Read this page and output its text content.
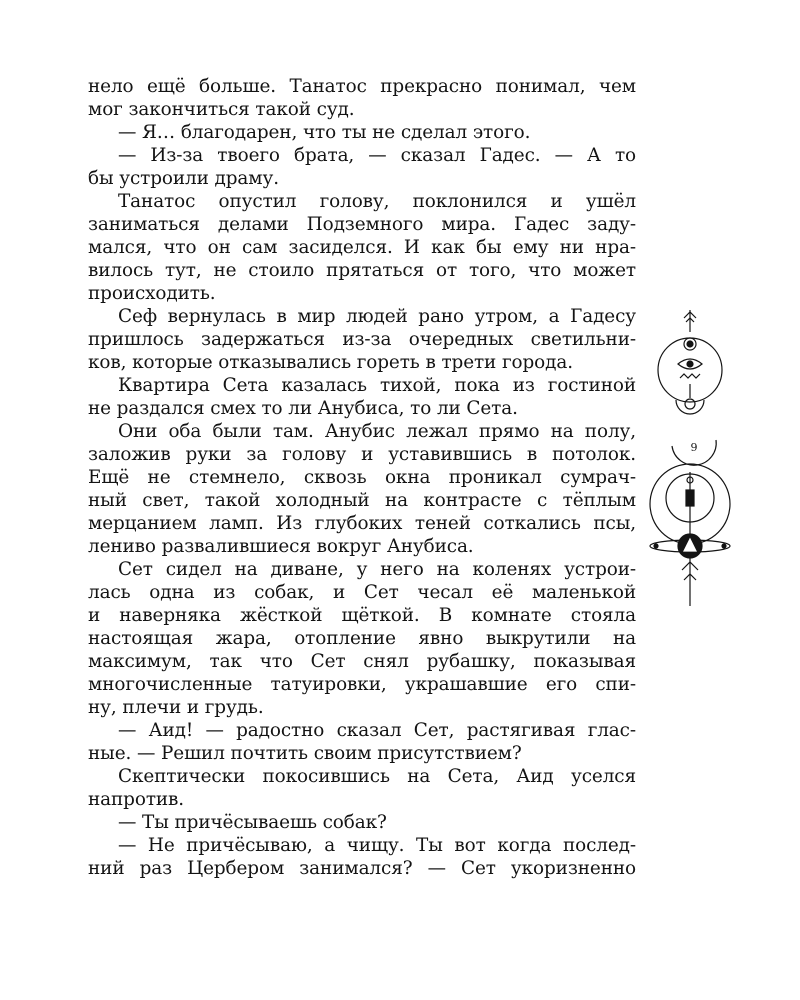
нело ещё больше. Танатос прекрасно понимал, чем
мог закончиться такой суд.
— Я… благодарен, что ты не сделал этого.
— Из-за твоего брата, — сказал Гадес. — А то
бы устроили драму.
Танатос опустил голову, поклонился и ушёл
заниматься делами Подземного мира. Гадес заду-
мался, что он сам засиделся. И как бы ему ни нра-
вилось тут, не стоило прятаться от того, что может
происходить.
Сеф вернулась в мир людей рано утром, а Гадесу
пришлось задержаться из-за очередных светильни-
ков, которые отказывались гореть в трети города.
Квартира Сета казалась тихой, пока из гостиной
не раздался смех то ли Анубиса, то ли Сета.
Они оба были там. Анубис лежал прямо на полу,
заложив руки за голову и уставившись в потолок.
Ещё не стемнело, сквозь окна проникал сумрач-
ный свет, такой холодный на контрасте с тёплым
мерцанием ламп. Из глубоких теней соткались псы,
лениво развалившиеся вокруг Анубиса.
Сет сидел на диване, у него на коленях устрои-
лась одна из собак, и Сет чесал её маленькой
и наверняка жёсткой щёткой. В комнате стояла
настоящая жара, отопление явно выкрутили на
максимум, так что Сет снял рубашку, показывая
многочисленные татуировки, украшавшие его спи-
ну, плечи и грудь.
— Аид! — радостно сказал Сет, растягивая глас-
ные. — Решил почтить своим присутствием?
Скептически покосившись на Сета, Аид уселся
напротив.
— Ты причёсываешь собак?
— Не причёсываю, а чищу. Ты вот когда послед-
ний раз Цербером занимался? — Сет укоризненно
9
